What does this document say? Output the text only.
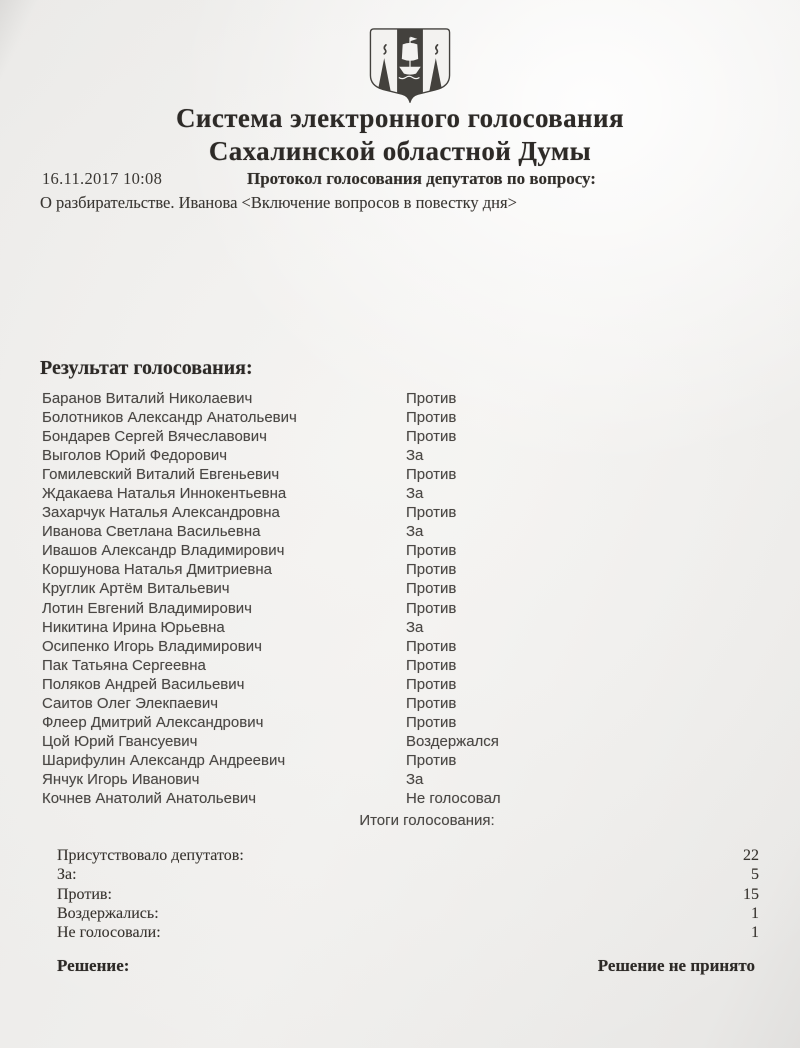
Система электронного голосования
Сахалинской областной Думы
16.11.2017 10:08	Протокол голосования депутатов по вопросу:
О разбирательстве. Иванова <Включение вопросов в повестку дня>
Результат голосования:
Баранов Виталий Николаевич	Против
Болотников Александр Анатольевич	Против
Бондарев Сергей Вячеславович	Против
Выголов Юрий Федорович	За
Гомилевский Виталий Евгеньевич	Против
Ждакаева Наталья Иннокентьевна	За
Захарчук Наталья Александровна	Против
Иванова Светлана Васильевна	За
Ивашов Александр Владимирович	Против
Коршунова Наталья Дмитриевна	Против
Круглик Артём Витальевич	Против
Лотин Евгений Владимирович	Против
Никитина Ирина Юрьевна	За
Осипенко Игорь Владимирович	Против
Пак Татьяна Сергеевна	Против
Поляков Андрей Васильевич	Против
Саитов Олег Элекпаевич	Против
Флеер Дмитрий Александрович	Против
Цой Юрий Гвансуевич	Воздержался
Шарифулин Александр Андреевич	Против
Янчук Игорь Иванович	За
Кочнев Анатолий Анатольевич	Не голосовал
Итоги голосования:
Присутствовало депутатов:	22
За:	5
Против:	15
Воздержались:	1
Не голосовали:	1
Решение:	Решение не принято
